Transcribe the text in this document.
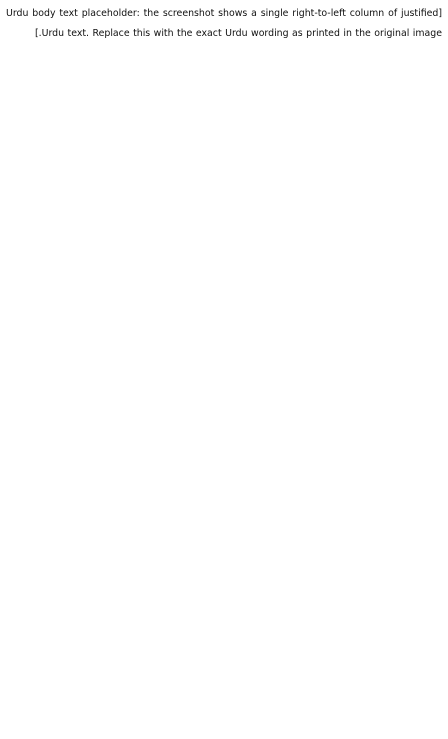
[Urdu body text placeholder: the screenshot shows a single right-to-left column of justified Urdu text. Replace this with the exact Urdu wording as printed in the original image.]
